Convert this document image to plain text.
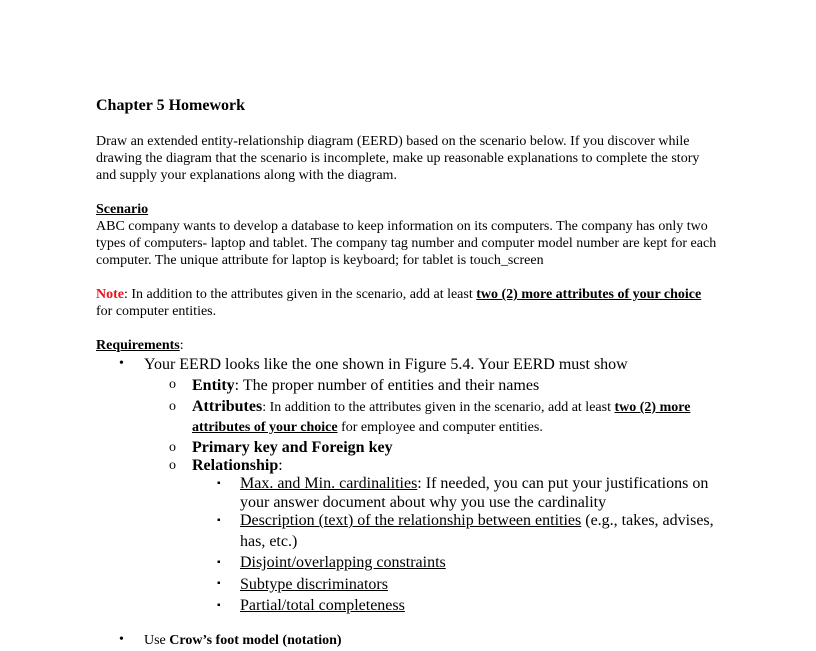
Chapter 5 Homework
Draw an extended entity-relationship diagram (EERD) based on the scenario below. If you discover while drawing the diagram that the scenario is incomplete, make up reasonable explanations to complete the story and supply your explanations along with the diagram.
Scenario
ABC company wants to develop a database to keep information on its computers. The company has only two types of computers- laptop and tablet. The company tag number and computer model number are kept for each computer. The unique attribute for laptop is keyboard; for tablet is touch_screen
Note: In addition to the attributes given in the scenario, add at least two (2) more attributes of your choice for computer entities.
Requirements:
• Your EERD looks like the one shown in Figure 5.4. Your EERD must show
o Entity: The proper number of entities and their names
o Attributes: In addition to the attributes given in the scenario, add at least two (2) more
attributes of your choice for employee and computer entities.
o Primary key and Foreign key
o Relationship:
▪ Max. and Min. cardinalities: If needed, you can put your justifications on
your answer document about why you use the cardinality
▪ Description (text) of the relationship between entities (e.g., takes, advises,
has, etc.)
▪ Disjoint/overlapping constraints
▪ Subtype discriminators
▪ Partial/total completeness
• Use Crow’s foot model (notation)
